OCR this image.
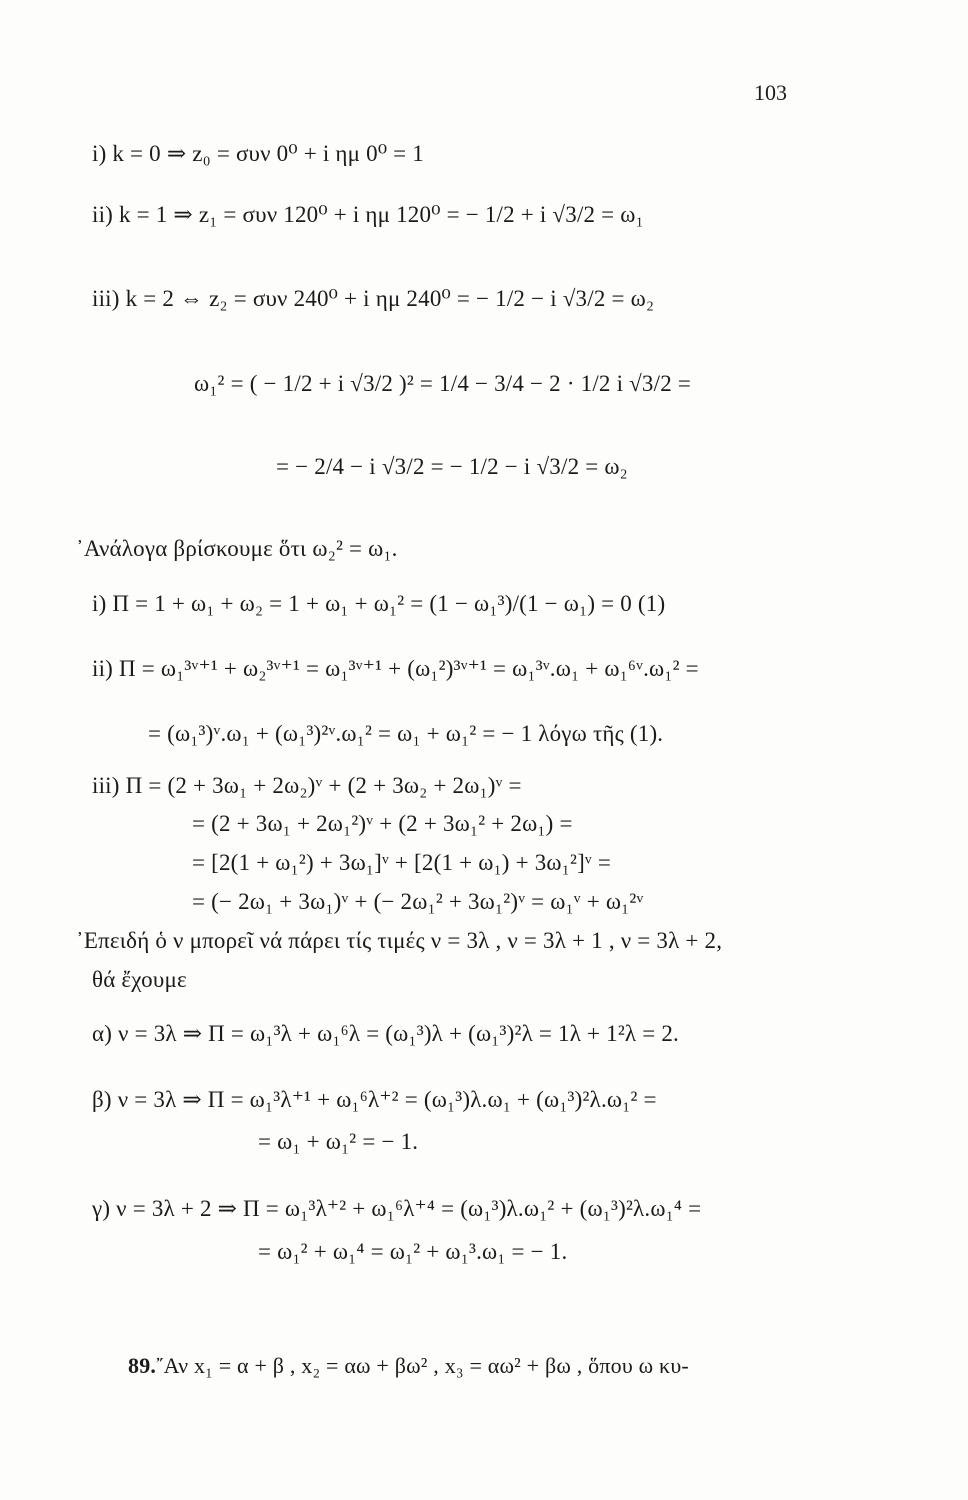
103
i) k = 0 ⇒ z₀ = συν 0⁰ + i ημ 0⁰ = 1
ii) k = 1 ⇒ z₁ = συν 120⁰ + i ημ 120⁰ = − 1/2 + i √3/2 = ω₁
iii) k = 2 ⇔ z₂ = συν 240⁰ + i ημ 240⁰ = − 1/2 − i √3/2 = ω₂
ω₁² = ( − 1/2 + i √3/2 )² = 1/4 − 3/4 − 2 · 1/2 i √3/2 =
= − 2/4 − i √3/2 = − 1/2 − i √3/2 = ω₂
᾽Ανάλογα βρίσκουμε ὅτι ω₂² = ω₁.
i) Π = 1 + ω₁ + ω₂ = 1 + ω₁ + ω₁² = (1 − ω₁³)/(1 − ω₁) = 0 (1)
ii) Π = ω₁³ᵛ⁺¹ + ω₂³ᵛ⁺¹ = ω₁³ᵛ⁺¹ + (ω₁²)³ᵛ⁺¹ = ω₁³ᵛ.ω₁ + ω₁⁶ᵛ.ω₁² =
= (ω₁³)ᵛ.ω₁ + (ω₁³)²ᵛ.ω₁² = ω₁ + ω₁² = − 1 λόγω τῆς (1).
iii) Π = (2 + 3ω₁ + 2ω₂)ᵛ + (2 + 3ω₂ + 2ω₁)ᵛ =
= (2 + 3ω₁ + 2ω₁²)ᵛ + (2 + 3ω₁² + 2ω₁) =
= [2(1 + ω₁²) + 3ω₁]ᵛ + [2(1 + ω₁) + 3ω₁²]ᵛ =
= (− 2ω₁ + 3ω₁)ᵛ + (− 2ω₁² + 3ω₁²)ᵛ = ω₁ᵛ + ω₁²ᵛ
᾽Επειδή ὁ ν μπορεῖ νά πάρει τίς τιμές ν = 3λ , ν = 3λ + 1 , ν = 3λ + 2,
θά ἔχουμε
α) ν = 3λ ⇒ Π = ω₁³λ + ω₁⁶λ = (ω₁³)λ + (ω₁³)²λ = 1λ + 1²λ = 2.
β) ν = 3λ ⇒ Π = ω₁³λ⁺¹ + ω₁⁶λ⁺² = (ω₁³)λ.ω₁ + (ω₁³)²λ.ω₁² =
= ω₁ + ω₁² = − 1.
γ) ν = 3λ + 2 ⇒ Π = ω₁³λ⁺² + ω₁⁶λ⁺⁴ = (ω₁³)λ.ω₁² + (ω₁³)²λ.ω₁⁴ =
= ω₁² + ω₁⁴ = ω₁² + ω₁³.ω₁ = − 1.
89.῎Αν x₁ = α + β , x₂ = αω + βω² , x₃ = αω² + βω , ὅπου ω κυ-
